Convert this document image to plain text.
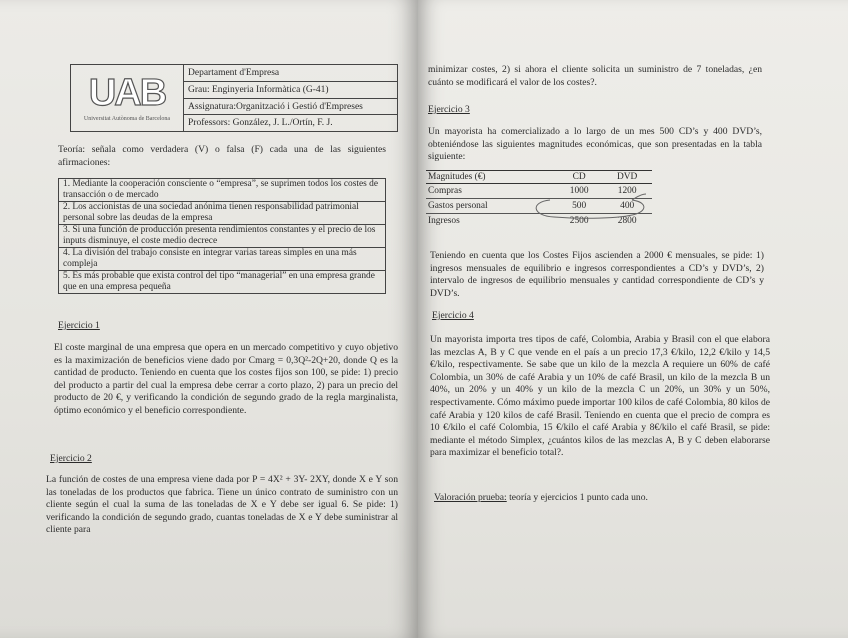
UAB
Universitat Autònoma de Barcelona
Departament d'Empresa
Grau: Enginyeria Informàtica (G-41)
Assignatura:Organització i Gestió d'Empreses
Professors: González, J. L./Ortín, F. J.
Teoría: señala como verdadera (V) o falsa (F) cada una de las siguientes afirmaciones:
1. Mediante la cooperación consciente o “empresa”, se suprimen todos los costes de transacción o de mercado
2. Los accionistas de una sociedad anónima tienen responsabilidad patrimonial personal sobre las deudas de la empresa
3. Si una función de producción presenta rendimientos constantes y el precio de los inputs disminuye, el coste medio decrece
4. La división del trabajo consiste en integrar varias tareas simples en una más compleja
5. Es más probable que exista control del tipo “managerial” en una empresa grande que en una empresa pequeña
Ejercicio 1
El coste marginal de una empresa que opera en un mercado competitivo y cuyo objetivo es la maximización de beneficios viene dado por Cmarg = 0,3Q²-2Q+20, donde Q es la cantidad de producto. Teniendo en cuenta que los costes fijos son 100, se pide: 1) precio del producto a partir del cual la empresa debe cerrar a corto plazo, 2) para un precio del producto de 20 €, y verificando la condición de segundo grado de la regla marginalista, óptimo económico y el beneficio correspondiente.
Ejercicio 2
La función de costes de una empresa viene dada por P = 4X² + 3Y- 2XY, donde X e Y son las toneladas de los productos que fabrica. Tiene un único contrato de suministro con un cliente según el cual la suma de las toneladas de X e Y debe ser igual 6. Se pide: 1) verificando la condición de segundo grado, cuantas toneladas de X e Y debe suministrar al cliente para
minimizar costes, 2) si ahora el cliente solicita un suministro de 7 toneladas, ¿en cuánto se modificará el valor de los costes?.
Ejercicio 3
Un mayorista ha comercializado a lo largo de un mes 500 CD’s y 400 DVD’s, obteniéndose las siguientes magnitudes económicas, que son presentadas en la tabla siguiente:
Magnitudes (€)	CD	DVD
Compras	1000	1200
Gastos personal	500	400
Ingresos	2500	2800
Teniendo en cuenta que los Costes Fijos ascienden a 2000 € mensuales, se pide: 1) ingresos mensuales de equilibrio e ingresos correspondientes a CD’s y DVD’s, 2) intervalo de ingresos de equilibrio mensuales y cantidad correspondiente de CD’s y DVD’s.
Ejercicio 4
Un mayorista importa tres tipos de café, Colombia, Arabia y Brasil con el que elabora las mezclas A, B y C que vende en el país a un precio 17,3 €/kilo, 12,2 €/kilo y 14,5 €/kilo, respectivamente. Se sabe que un kilo de la mezcla A requiere un 60% de café Colombia, un 30% de café Arabia y un 10% de café Brasil, un kilo de la mezcla B un 40%, un 20% y un 40% y un kilo de la mezcla C un 20%, un 30% y un 50%, respectivamente. Cómo máximo puede importar 100 kilos de café Colombia, 80 kilos de café Arabia y 120 kilos de café Brasil. Teniendo en cuenta que el precio de compra es 10 €/kilo el café Colombia, 15 €/kilo el café Arabia y 8€/kilo el café Brasil, se pide: mediante el método Simplex, ¿cuántos kilos de las mezclas A, B y C deben elaborarse para maximizar el beneficio total?.
Valoración prueba: teoría y ejercicios 1 punto cada uno.
